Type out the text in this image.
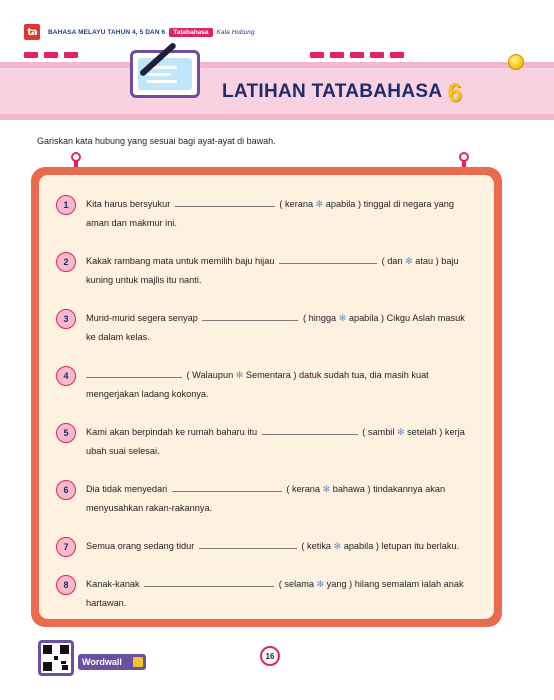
ta	BAHASA MELAYU TAHUN 4, 5 DAN 6	Tatabahasa	Kata Hubung
LATIHAN TATABAHASA 6
Gariskan kata hubung yang sesuai bagi ayat-ayat di bawah.
1	Kita harus bersyukur	( kerana ✻ apabila ) tinggal di negara yang
aman dan makmur ini.
2	Kakak rambang mata untuk memilih baju hijau	( dan ✻ atau ) baju
kuning untuk majlis itu nanti.
3	Murid-murid segera senyap	( hingga ✻ apabila ) Cikgu Aslah masuk
ke dalam kelas.
4	( Walaupun ✻ Sementara ) datuk sudah tua, dia masih kuat
mengerjakan ladang kokonya.
5	Kami akan berpindah ke rumah baharu itu	( sambil ✻ setelah ) kerja
ubah suai selesai.
6	Dia tidak menyedari	( kerana ✻ bahawa ) tindakannya akan
menyusahkan rakan-rakannya.
7	Semua orang sedang tidur	( ketika ✻ apabila ) letupan itu berlaku.
8	Kanak-kanak	( selama ✻ yang ) hilang semalam ialah anak
hartawan.
Wordwall
16
